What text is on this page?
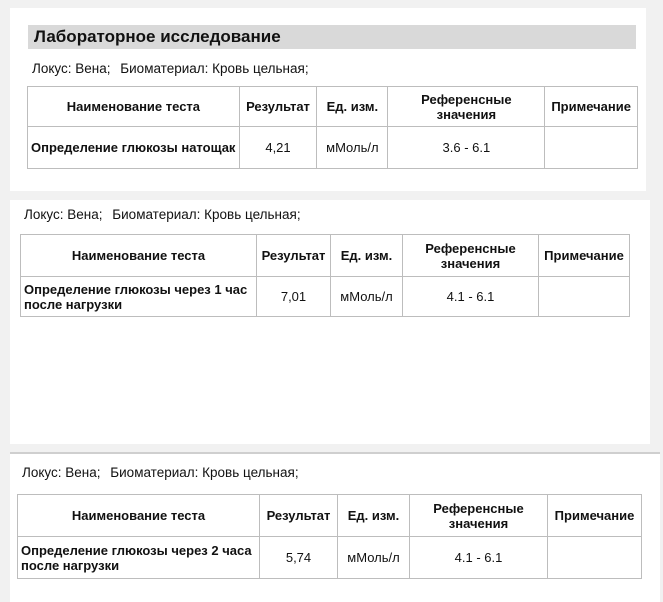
Лабораторное исследование
Локус: Вена; Биоматериал: Кровь цельная;
Наименование теста	Результат	Ед. изм.	Референсные значения	Примечание
Определение глюкозы натощак	4,21	мМоль/л	3.6 - 6.1	
Локус: Вена; Биоматериал: Кровь цельная;
Наименование теста	Результат	Ед. изм.	Референсные значения	Примечание
Определение глюкозы через 1 час после нагрузки	7,01	мМоль/л	4.1 - 6.1	
Локус: Вена; Биоматериал: Кровь цельная;
Наименование теста	Результат	Ед. изм.	Референсные значения	Примечание
Определение глюкозы через 2 часа после нагрузки	5,74	мМоль/л	4.1 - 6.1	
